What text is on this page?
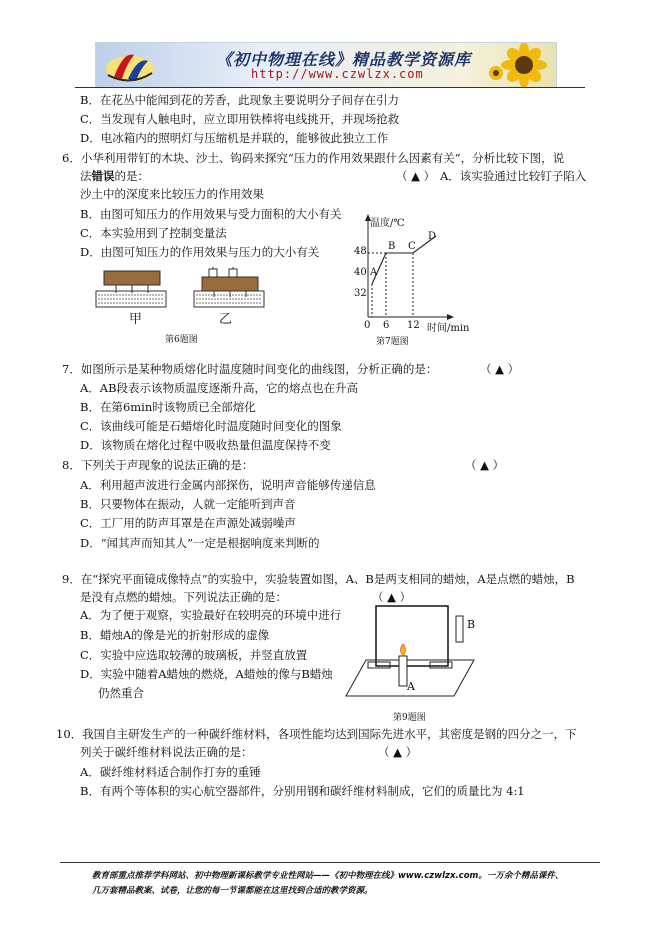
《初中物理在线》精品教学资源库
http://www.czwlzx.com
B．在花丛中能闻到花的芳香，此现象主要说明分子间存在引力
C．当发现有人触电时，应立即用铁棒将电线挑开，并现场抢救
D．电冰箱内的照明灯与压缩机是并联的，能够彼此独立工作
6．小华利用带钉的木块、沙土、钩码来探究“压力的作用效果跟什么因素有关”，分析比较下图，说
法错误的是：	（ ▲ ） A．该实验通过比较钉子陷入
沙土中的深度来比较压力的作用效果
B．由图可知压力的作用效果与受力面积的大小有关
C．本实验用到了控制变量法
D．由图可知压力的作用效果与压力的大小有关
甲	乙
第6题图
温度/℃
时间/min
48
40
32
0 6 12
A
B C
D
第7题图
7．如图所示是某种物质熔化时温度随时间变化的曲线图，分析正确的是：	（ ▲ ）
A．AB段表示该物质温度逐渐升高，它的熔点也在升高
B．在第6min时该物质已全部熔化
C．该曲线可能是石蜡熔化时温度随时间变化的图象
D．该物质在熔化过程中吸收热量但温度保持不变
8．下列关于声现象的说法正确的是：	（ ▲ ）
A．利用超声波进行金属内部探伤，说明声音能够传递信息
B．只要物体在振动，人就一定能听到声音
C．工厂用的防声耳罩是在声源处减弱噪声
D．“闻其声而知其人”一定是根据响度来判断的
9．在“探究平面镜成像特点”的实验中，实验装置如图，A、B是两支相同的蜡烛，A是点燃的蜡烛，B
是没有点燃的蜡烛。下列说法正确的是：	（ ▲ ）
A．为了便于观察，实验最好在较明亮的环境中进行
B．蜡烛A的像是光的折射形成的虚像
C．实验中应选取较薄的玻璃板，并竖直放置
D．实验中随着A蜡烛的燃烧，A蜡烛的像与B蜡烛
仍然重合
B
A
第9题图
10．我国自主研发生产的一种碳纤维材料，各项性能均达到国际先进水平，其密度是钢的四分之一，下
列关于碳纤维材料说法正确的是：	（ ▲ ）
A．碳纤维材料适合制作打夯的重锤
B．有两个等体积的实心航空器部件，分别用钢和碳纤维材料制成，它们的质量比为 4:1
教育部重点推荐学科网站、初中物理新课标教学专业性网站——《初中物理在线》www.czwlzx.com。一万余个精品课件、
几万套精品教案、试卷，让您的每一节课都能在这里找到合适的教学资源。
